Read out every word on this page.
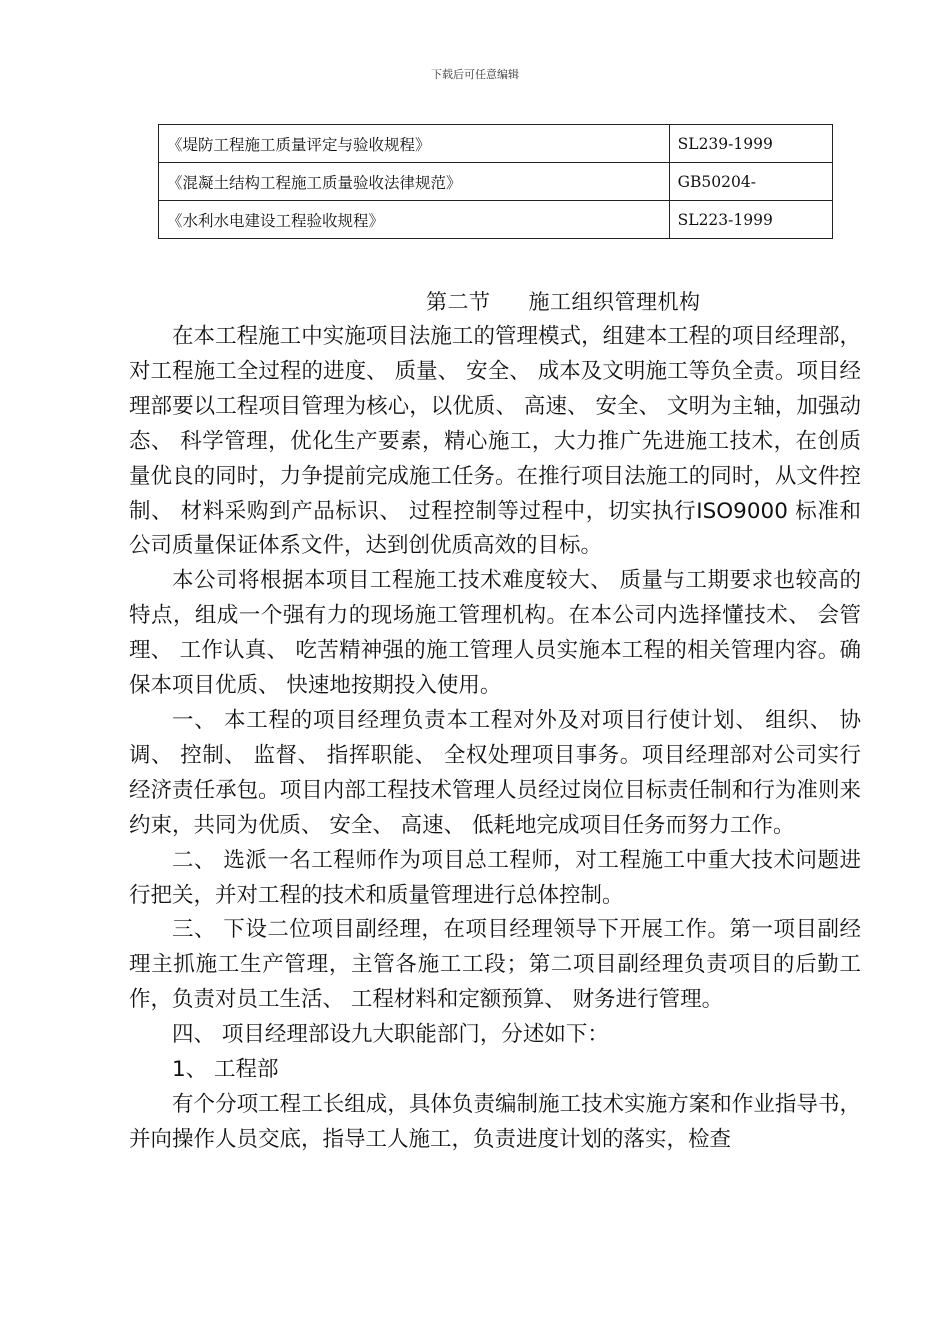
下载后可任意编辑
《堤防工程施工质量评定与验收规程》	SL239-1999
《混凝土结构工程施工质量验收法律规范》	GB50204-
《水利水电建设工程验收规程》	SL223-1999
第二节 施工组织管理机构

在本工程施工中实施项目法施工的管理模式，组建本工程的项目经理部，对工程施工全过程的进度、 质量、 安全、 成本及文明施工等负全责。项目经理部要以工程项目管理为核心，以优质、 高速、 安全、 文明为主轴，加强动态、 科学管理，优化生产要素，精心施工，大力推广先进施工技术，在创质量优良的同时，力争提前完成施工任务。在推行项目法施工的同时，从文件控制、 材料采购到产品标识、 过程控制等过程中，切实执行ISO9000 标准和公司质量保证体系文件，达到创优质高效的目标。

本公司将根据本项目工程施工技术难度较大、 质量与工期要求也较高的特点，组成一个强有力的现场施工管理机构。在本公司内选择懂技术、 会管理、 工作认真、 吃苦精神强的施工管理人员实施本工程的相关管理内容。确保本项目优质、 快速地按期投入使用。

一、 本工程的项目经理负责本工程对外及对项目行使计划、 组织、 协调、 控制、 监督、 指挥职能、 全权处理项目事务。项目经理部对公司实行经济责任承包。项目内部工程技术管理人员经过岗位目标责任制和行为准则来约束，共同为优质、 安全、 高速、 低耗地完成项目任务而努力工作。

二、 选派一名工程师作为项目总工程师，对工程施工中重大技术问题进行把关，并对工程的技术和质量管理进行总体控制。

三、 下设二位项目副经理，在项目经理领导下开展工作。第一项目副经理主抓施工生产管理，主管各施工工段；第二项目副经理负责项目的后勤工作，负责对员工生活、 工程材料和定额预算、 财务进行管理。

四、 项目经理部设九大职能部门，分述如下：

1、 工程部

有个分项工程工长组成，具体负责编制施工技术实施方案和作业指导书，并向操作人员交底，指导工人施工，负责进度计划的落实，检查
